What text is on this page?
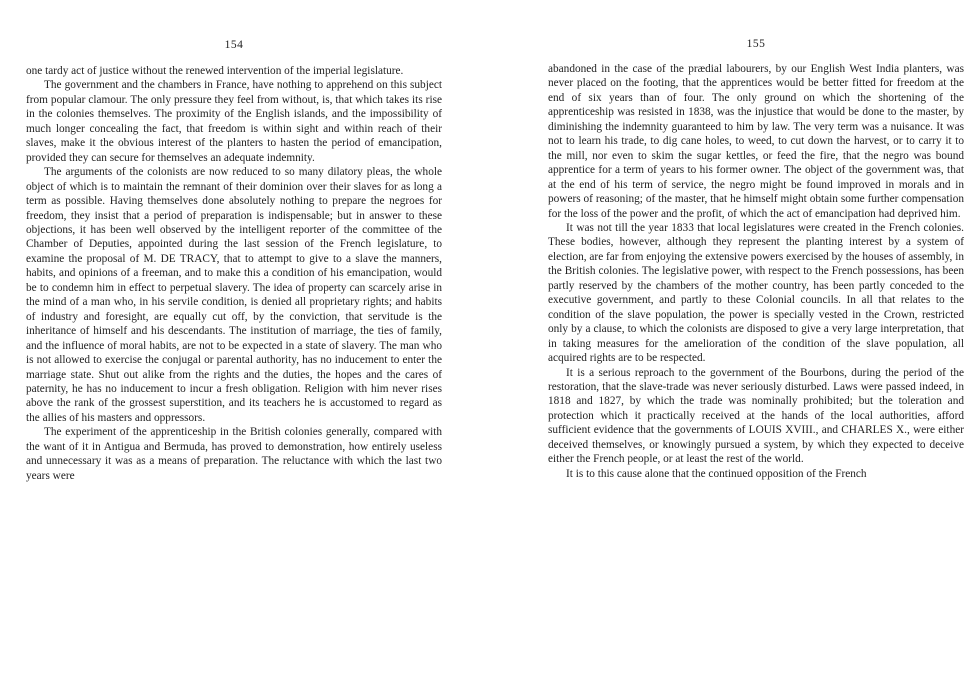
154

one tardy act of justice without the renewed intervention of the imperial legislature.

The government and the chambers in France, have nothing to apprehend on this subject from popular clamour. The only pressure they feel from without, is, that which takes its rise in the colonies themselves. The proximity of the English islands, and the impossibility of much longer concealing the fact, that freedom is within sight and within reach of their slaves, make it the obvious interest of the planters to hasten the period of emancipation, provided they can secure for themselves an adequate indemnity.

The arguments of the colonists are now reduced to so many dilatory pleas, the whole object of which is to maintain the remnant of their dominion over their slaves for as long a term as possible. Having themselves done absolutely nothing to prepare the negroes for freedom, they insist that a period of preparation is indispensable; but in answer to these objections, it has been well observed by the intelligent reporter of the committee of the Chamber of Deputies, appointed during the last session of the French legislature, to examine the proposal of M. DE TRACY, that to attempt to give to a slave the manners, habits, and opinions of a freeman, and to make this a condition of his emancipation, would be to condemn him in effect to perpetual slavery. The idea of property can scarcely arise in the mind of a man who, in his servile condition, is denied all proprietary rights; and habits of industry and foresight, are equally cut off, by the conviction, that servitude is the inheritance of himself and his descendants. The institution of marriage, the ties of family, and the influence of moral habits, are not to be expected in a state of slavery. The man who is not allowed to exercise the conjugal or parental authority, has no inducement to enter the marriage state. Shut out alike from the rights and the duties, the hopes and the cares of paternity, he has no inducement to incur a fresh obligation. Religion with him never rises above the rank of the grossest superstition, and its teachers he is accustomed to regard as the allies of his masters and oppressors.

The experiment of the apprenticeship in the British colonies generally, compared with the want of it in Antigua and Bermuda, has proved to demonstration, how entirely useless and unnecessary it was as a means of preparation. The reluctance with which the last two years were

155

abandoned in the case of the prædial labourers, by our English West India planters, was never placed on the footing, that the apprentices would be better fitted for freedom at the end of six years than of four. The only ground on which the shortening of the apprenticeship was resisted in 1838, was the injustice that would be done to the master, by diminishing the indemnity guaranteed to him by law. The very term was a nuisance. It was not to learn his trade, to dig cane holes, to weed, to cut down the harvest, or to carry it to the mill, nor even to skim the sugar kettles, or feed the fire, that the negro was bound apprentice for a term of years to his former owner. The object of the government was, that at the end of his term of service, the negro might be found improved in morals and in powers of reasoning; of the master, that he himself might obtain some further compensation for the loss of the power and the profit, of which the act of emancipation had deprived him.

It was not till the year 1833 that local legislatures were created in the French colonies. These bodies, however, although they represent the planting interest by a system of election, are far from enjoying the extensive powers exercised by the houses of assembly, in the British colonies. The legislative power, with respect to the French possessions, has been partly reserved by the chambers of the mother country, has been partly conceded to the executive government, and partly to these Colonial councils. In all that relates to the condition of the slave population, the power is specially vested in the Crown, restricted only by a clause, to which the colonists are disposed to give a very large interpretation, that in taking measures for the amelioration of the condition of the slave population, all acquired rights are to be respected.

It is a serious reproach to the government of the Bourbons, during the period of the restoration, that the slave-trade was never seriously disturbed. Laws were passed indeed, in 1818 and 1827, by which the trade was nominally prohibited; but the toleration and protection which it practically received at the hands of the local authorities, afford sufficient evidence that the governments of LOUIS XVIII., and CHARLES X., were either deceived themselves, or knowingly pursued a system, by which they expected to deceive either the French people, or at least the rest of the world.

It is to this cause alone that the continued opposition of the French
